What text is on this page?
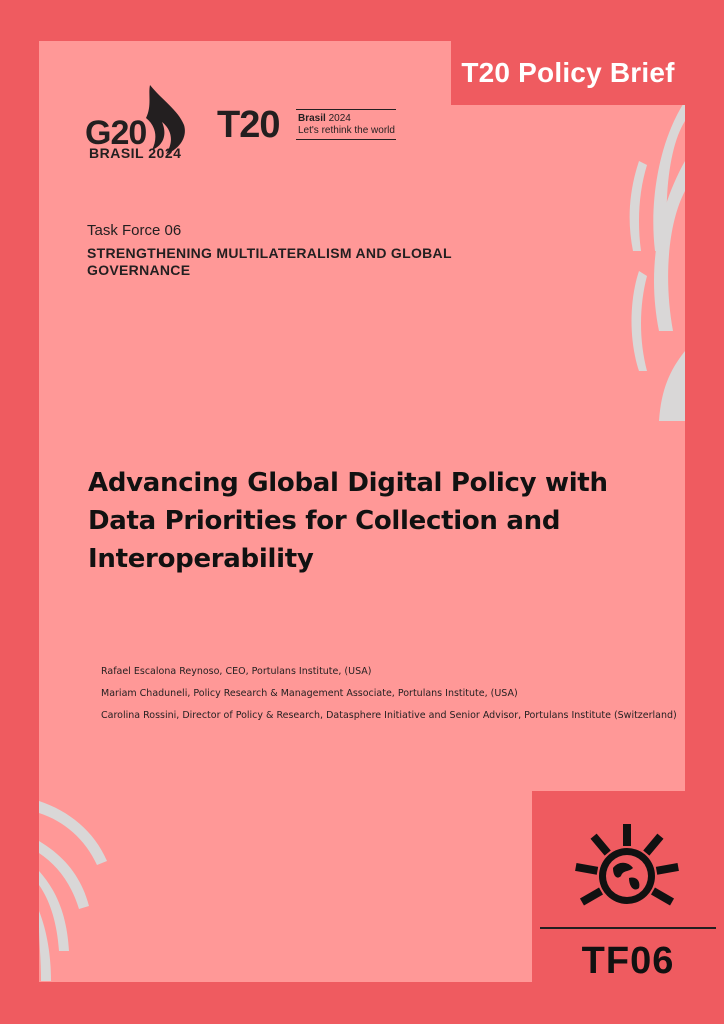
T20 Policy Brief
G20
BRASIL 2024
T20 Brasil 2024
Let's rethink the world
Task Force 06
STRENGTHENING MULTILATERALISM AND GLOBAL GOVERNANCE
Advancing Global Digital Policy with Data Priorities for Collection and Interoperability
Rafael Escalona Reynoso, CEO, Portulans Institute, (USA)
Mariam Chaduneli, Policy Research & Management Associate, Portulans Institute, (USA)
Carolina Rossini, Director of Policy & Research, Datasphere Initiative and Senior Advisor, Portulans Institute (Switzerland)
TF06
